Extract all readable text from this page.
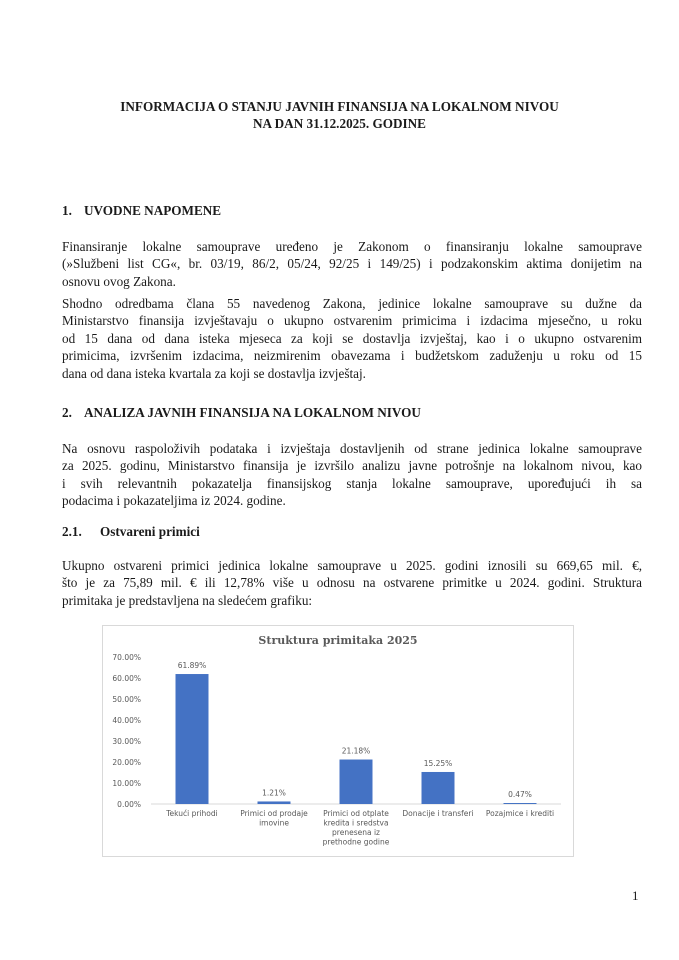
INFORMACIJA O STANJU JAVNIH FINANSIJA NA LOKALNOM NIVOU
NA DAN 31.12.2025. GODINE
1. UVODNE NAPOMENE
Finansiranje lokalne samouprave uređeno je Zakonom o finansiranju lokalne samouprave
(»Službeni list CG«, br. 03/19, 86/2, 05/24, 92/25 i 149/25) i podzakonskim aktima donijetim na
osnovu ovog Zakona.
Shodno odredbama člana 55 navedenog Zakona, jedinice lokalne samouprave su dužne da
Ministarstvo finansija izvještavaju o ukupno ostvarenim primicima i izdacima mjesečno, u roku
od 15 dana od dana isteka mjeseca za koji se dostavlja izvještaj, kao i o ukupno ostvarenim
primicima, izvršenim izdacima, neizmirenim obavezama i budžetskom zaduženju u roku od 15
dana od dana isteka kvartala za koji se dostavlja izvještaj.
2. ANALIZA JAVNIH FINANSIJA NA LOKALNOM NIVOU
Na osnovu raspoloživih podataka i izvještaja dostavljenih od strane jedinica lokalne samouprave
za 2025. godinu, Ministarstvo finansija je izvršilo analizu javne potrošnje na lokalnom nivou, kao
i svih relevantnih pokazatelja finansijskog stanja lokalne samouprave, upoređujući ih sa
podacima i pokazateljima iz 2024. godine.
2.1. Ostvareni primici
Ukupno ostvareni primici jedinica lokalne samouprave u 2025. godini iznosili su 669,65 mil. €,
što je za 75,89 mil. € ili 12,78% više u odnosu na ostvarene primitke u 2024. godini. Struktura
primitaka je predstavljena na sledećem grafiku:
Struktura primitaka 2025
0.00%
10.00%
20.00%
30.00%
40.00%
50.00%
60.00%
70.00%
61.89%
Tekući prihodi
1.21%
Primici od prodaje imovine
21.18%
Primici od otplate kredita i sredstva prenesena iz prethodne godine
15.25%
Donacije i transferi
0.47%
Pozajmice i krediti
1
